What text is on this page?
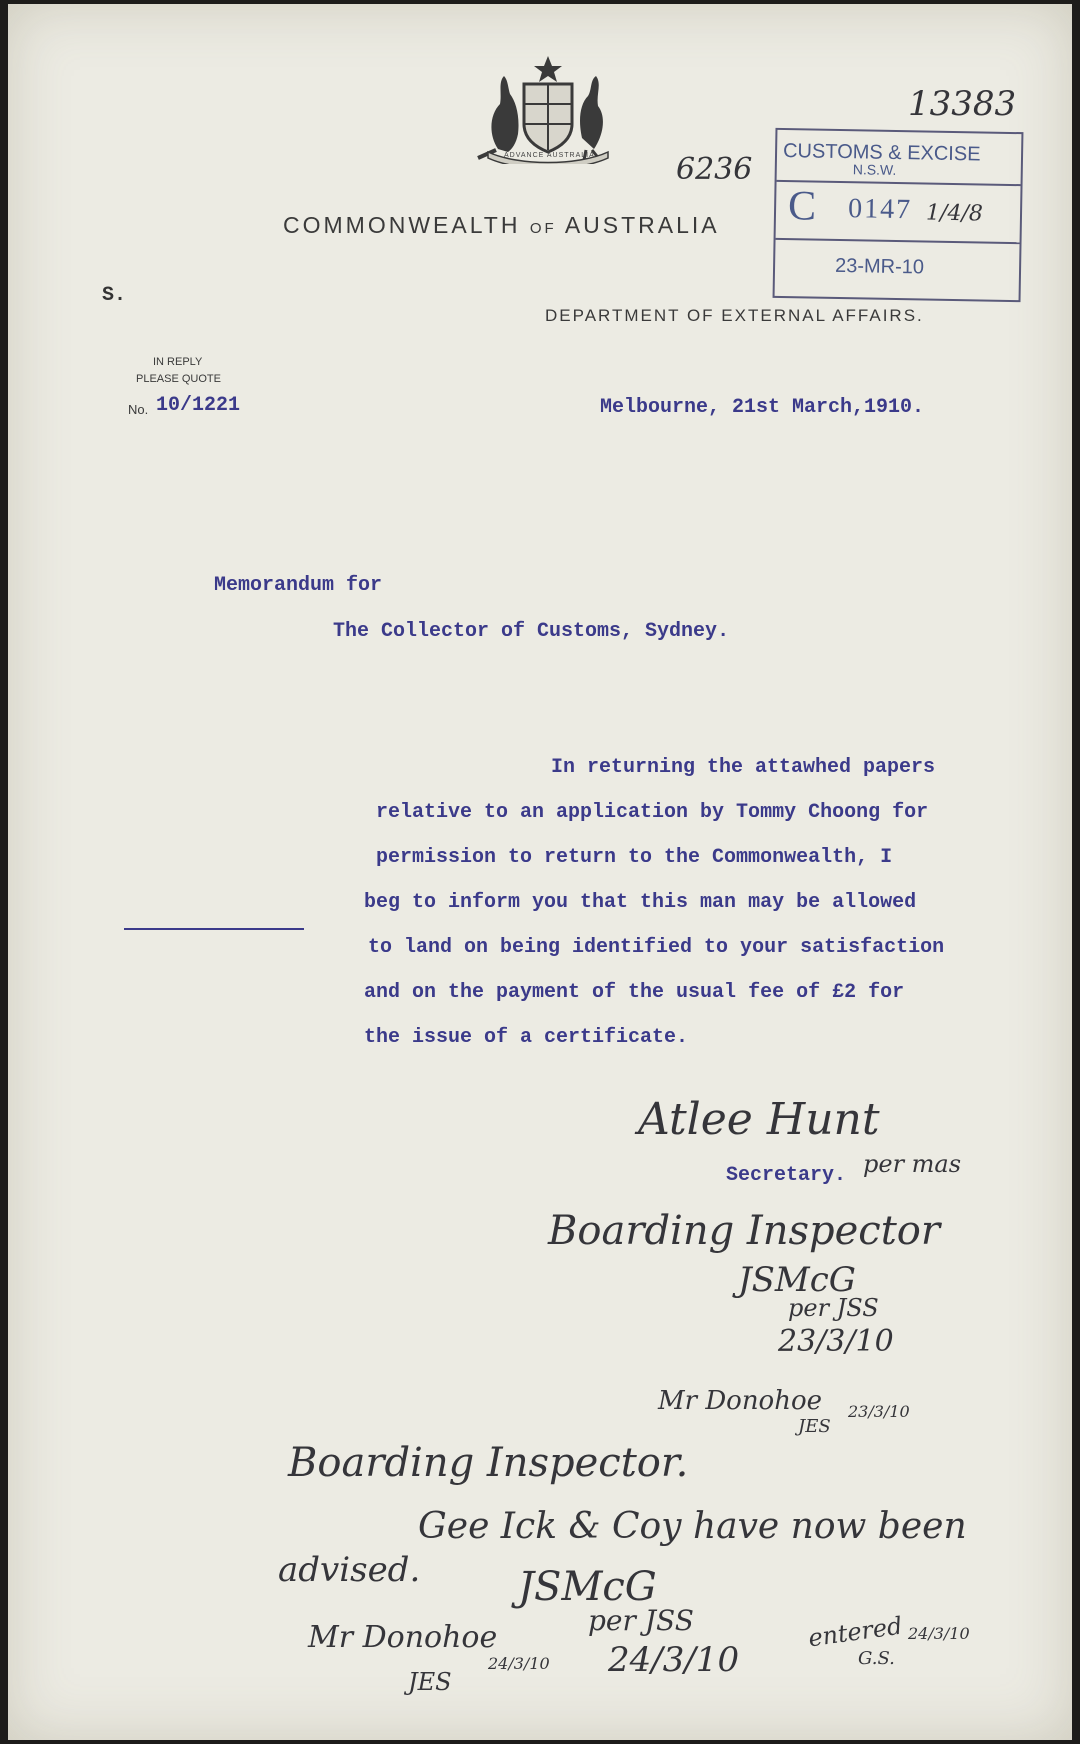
ADVANCE AUSTRALIA
COMMONWEALTH OF AUSTRALIA
DEPARTMENT OF EXTERNAL AFFAIRS.
S.
IN REPLY
PLEASE QUOTE
No. 10/1221	Melbourne, 21st March,1910.
CUSTOMS & EXCISE
N.S.W.
C 0147 1/4/8
23-MR-10
13383
6236
Memorandum for
The Collector of Customs, Sydney.
In returning the attawhed papers
relative to an application by Tommy Choong for
permission to return to the Commonwealth, I
beg to inform you that this man may be allowed
to land on being identified to your satisfaction
and on the payment of the usual fee of £2 for
the issue of a certificate.
Atlee Hunt
Secretary. per mas
Boarding Inspector
JSMcG
per JSS
23/3/10
Mr Donohoe
JES
23/3/10
Boarding Inspector.
Gee Ick & Coy have now been
advised. JSMcG
per JSS
24/3/10
Mr Donohoe
JES
24/3/10
entered
G.S.
24/3/10
